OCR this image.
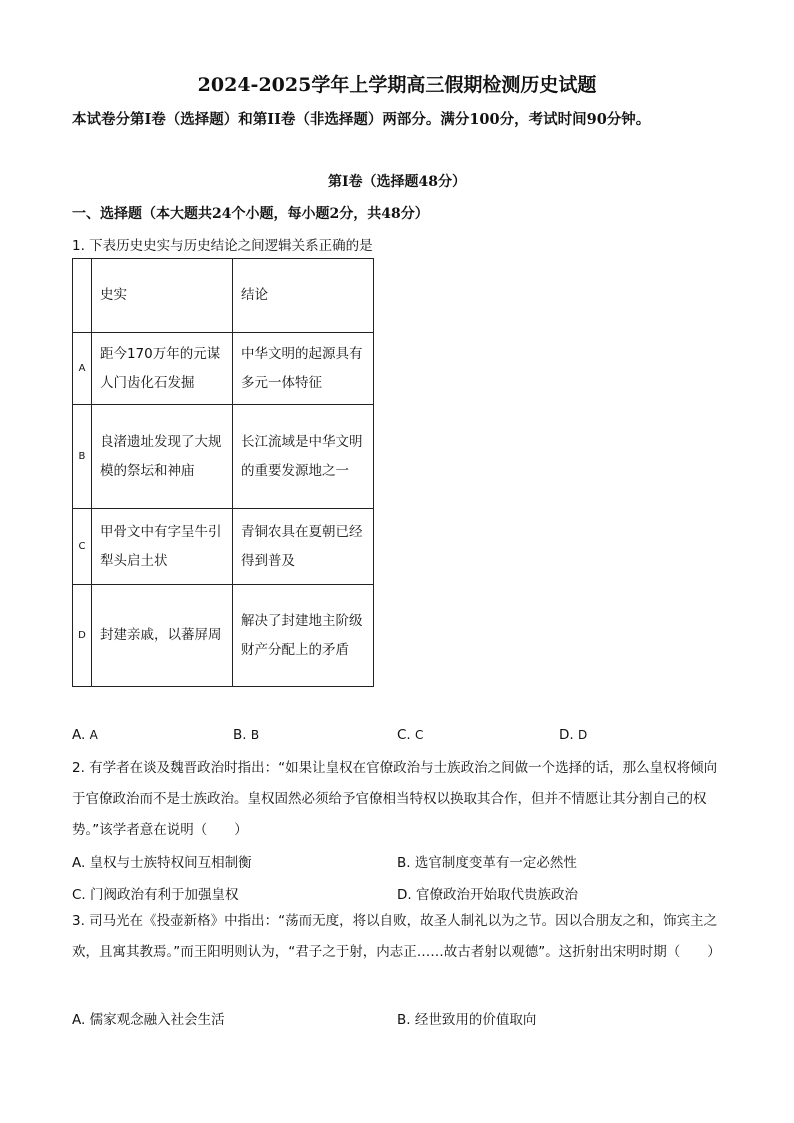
2024-2025学年上学期高三假期检测历史试题
本试卷分第Ⅰ卷（选择题）和第II卷（非选择题）两部分。满分100分，考试时间90分钟。
第Ⅰ卷（选择题48分）
一、选择题（本大题共24个小题，每小题2分，共48分）
1. 下表历史史实与历史结论之间逻辑关系正确的是
	史实	结论
A	距今170万年的元谋人门齿化石发掘	中华文明的起源具有多元一体特征
B	良渚遗址发现了大规模的祭坛和神庙	长江流域是中华文明的重要发源地之一
C	甲骨文中有字呈牛引犁头启土状	青铜农具在夏朝已经得到普及
D	封建亲戚，以蕃屏周	解决了封建地主阶级财产分配上的矛盾
A. A	B. B	C. C	D. D
2. 有学者在谈及魏晋政治时指出：“如果让皇权在官僚政治与士族政治之间做一个选择的话，那么皇权将倾向于官僚政治而不是士族政治。皇权固然必须给予官僚相当特权以换取其合作，但并不情愿让其分割自己的权势。”该学者意在说明（　　）
A. 皇权与士族特权间互相制衡	B. 选官制度变革有一定必然性
C. 门阀政治有利于加强皇权	D. 官僚政治开始取代贵族政治
3. 司马光在《投壶新格》中指出：“荡而无度，将以自败，故圣人制礼以为之节。因以合朋友之和，饰宾主之欢，且寓其教焉。”而王阳明则认为，“君子之于射，内志正……故古者射以观德”。这折射出宋明时期（　　）
A. 儒家观念融入社会生活	B. 经世致用的价值取向
